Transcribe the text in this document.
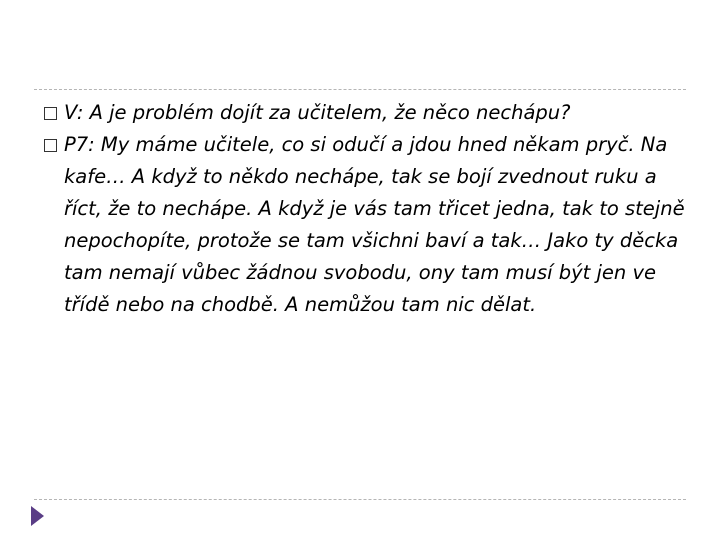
V: A je problém dojít za učitelem, že něco nechápu?
P7: My máme učitele, co si odučí a jdou hned někam pryč. Na kafe… A když to někdo nechápe, tak se bojí zvednout ruku a říct, že to nechápe. A když je vás tam třicet jedna, tak to stejně nepochopíte, protože se tam všichni baví a tak… Jako ty děcka tam nemají vůbec žádnou svobodu, ony tam musí být jen ve třídě nebo na chodbě. A nemůžou tam nic dělat.
